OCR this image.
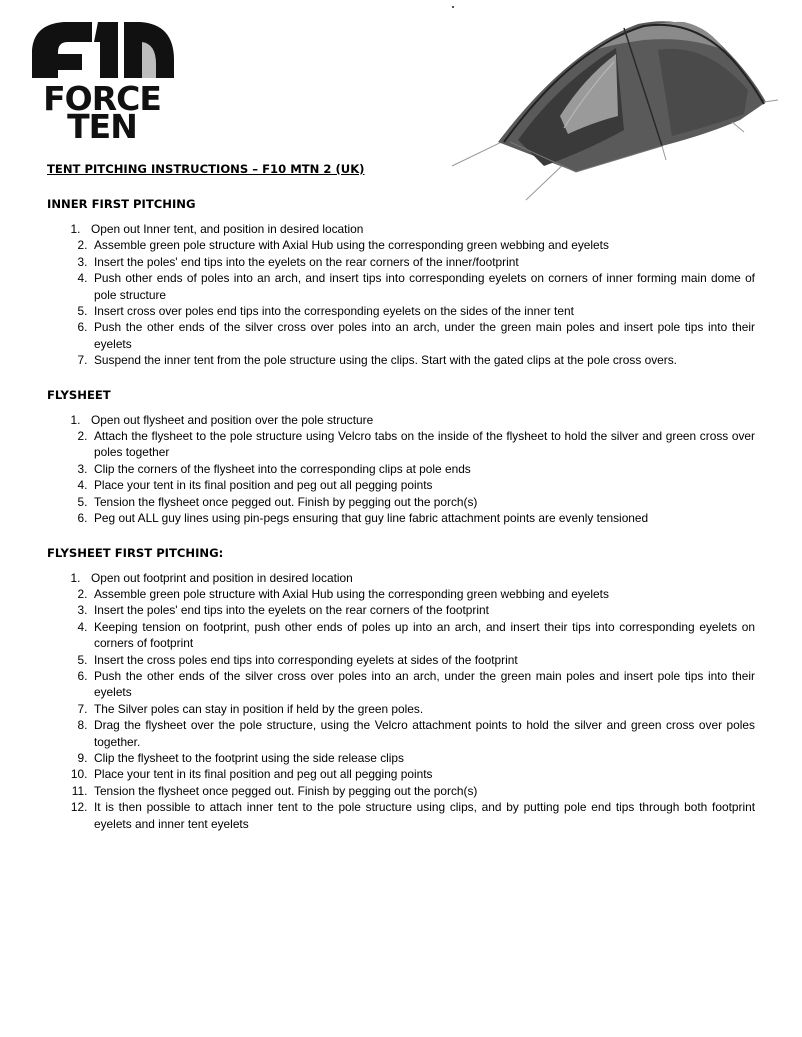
FORCE
TEN
TENT PITCHING INSTRUCTIONS – F10 MTN 2 (UK)
INNER FIRST PITCHING
1. Open out Inner tent, and position in desired location
2. Assemble green pole structure with Axial Hub using the corresponding green webbing and eyelets
3. Insert the poles' end tips into the eyelets on the rear corners of the inner/footprint
4. Push other ends of poles into an arch, and insert tips into corresponding eyelets on corners of inner forming main dome of pole structure
5. Insert cross over poles end tips into the corresponding eyelets on the sides of the inner tent
6. Push the other ends of the silver cross over poles into an arch, under the green main poles and insert pole tips into their eyelets
7. Suspend the inner tent from the pole structure using the clips. Start with the gated clips at the pole cross overs.
FLYSHEET
1. Open out flysheet and position over the pole structure
2. Attach the flysheet to the pole structure using Velcro tabs on the inside of the flysheet to hold the silver and green cross over poles together
3. Clip the corners of the flysheet into the corresponding clips at pole ends
4. Place your tent in its final position and peg out all pegging points
5. Tension the flysheet once pegged out. Finish by pegging out the porch(s)
6. Peg out ALL guy lines using pin-pegs ensuring that guy line fabric attachment points are evenly tensioned
FLYSHEET FIRST PITCHING:
1. Open out footprint and position in desired location
2. Assemble green pole structure with Axial Hub using the corresponding green webbing and eyelets
3. Insert the poles' end tips into the eyelets on the rear corners of the footprint
4. Keeping tension on footprint, push other ends of poles up into an arch, and insert their tips into corresponding eyelets on corners of footprint
5. Insert the cross poles end tips into corresponding eyelets at sides of the footprint
6. Push the other ends of the silver cross over poles into an arch, under the green main poles and insert pole tips into their eyelets
7. The Silver poles can stay in position if held by the green poles.
8. Drag the flysheet over the pole structure, using the Velcro attachment points to hold the silver and green cross over poles together.
9. Clip the flysheet to the footprint using the side release clips
10. Place your tent in its final position and peg out all pegging points
11. Tension the flysheet once pegged out. Finish by pegging out the porch(s)
12. It is then possible to attach inner tent to the pole structure using clips, and by putting pole end tips through both footprint eyelets and inner tent eyelets
